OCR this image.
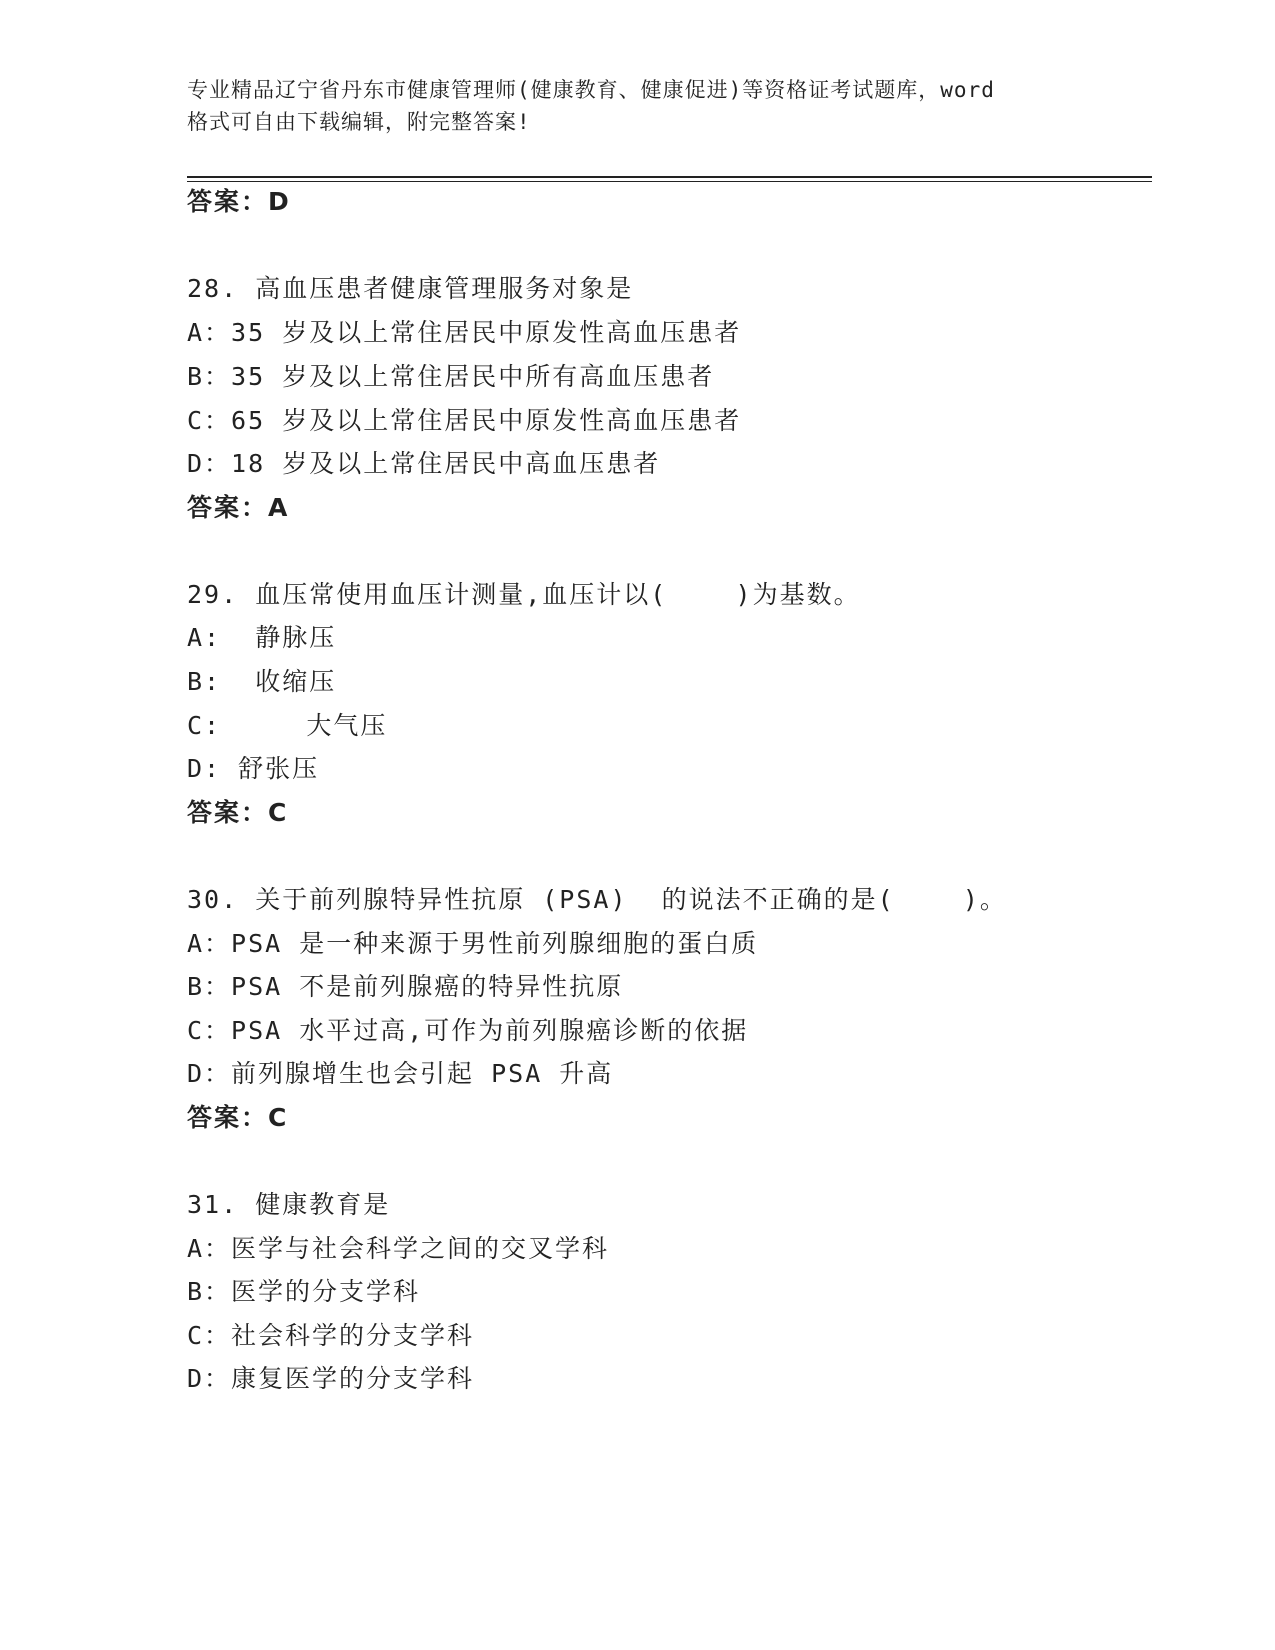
专业精品辽宁省丹东市健康管理师(健康教育、健康促进)等资格证考试题库，word
格式可自由下载编辑，附完整答案!
答案：D
28. 高血压患者健康管理服务对象是
A：35 岁及以上常住居民中原发性高血压患者
B：35 岁及以上常住居民中所有高血压患者
C：65 岁及以上常住居民中原发性高血压患者
D：18 岁及以上常住居民中高血压患者
答案：A
29. 血压常使用血压计测量,血压计以(    )为基数。
A:  静脉压
B:  收缩压
C:     大气压
D: 舒张压
答案：C
30. 关于前列腺特异性抗原 (PSA)  的说法不正确的是(    )。
A：PSA 是一种来源于男性前列腺细胞的蛋白质
B：PSA 不是前列腺癌的特异性抗原
C：PSA 水平过高,可作为前列腺癌诊断的依据
D：前列腺增生也会引起 PSA 升高
答案：C
31. 健康教育是
A：医学与社会科学之间的交叉学科
B：医学的分支学科
C：社会科学的分支学科
D：康复医学的分支学科
